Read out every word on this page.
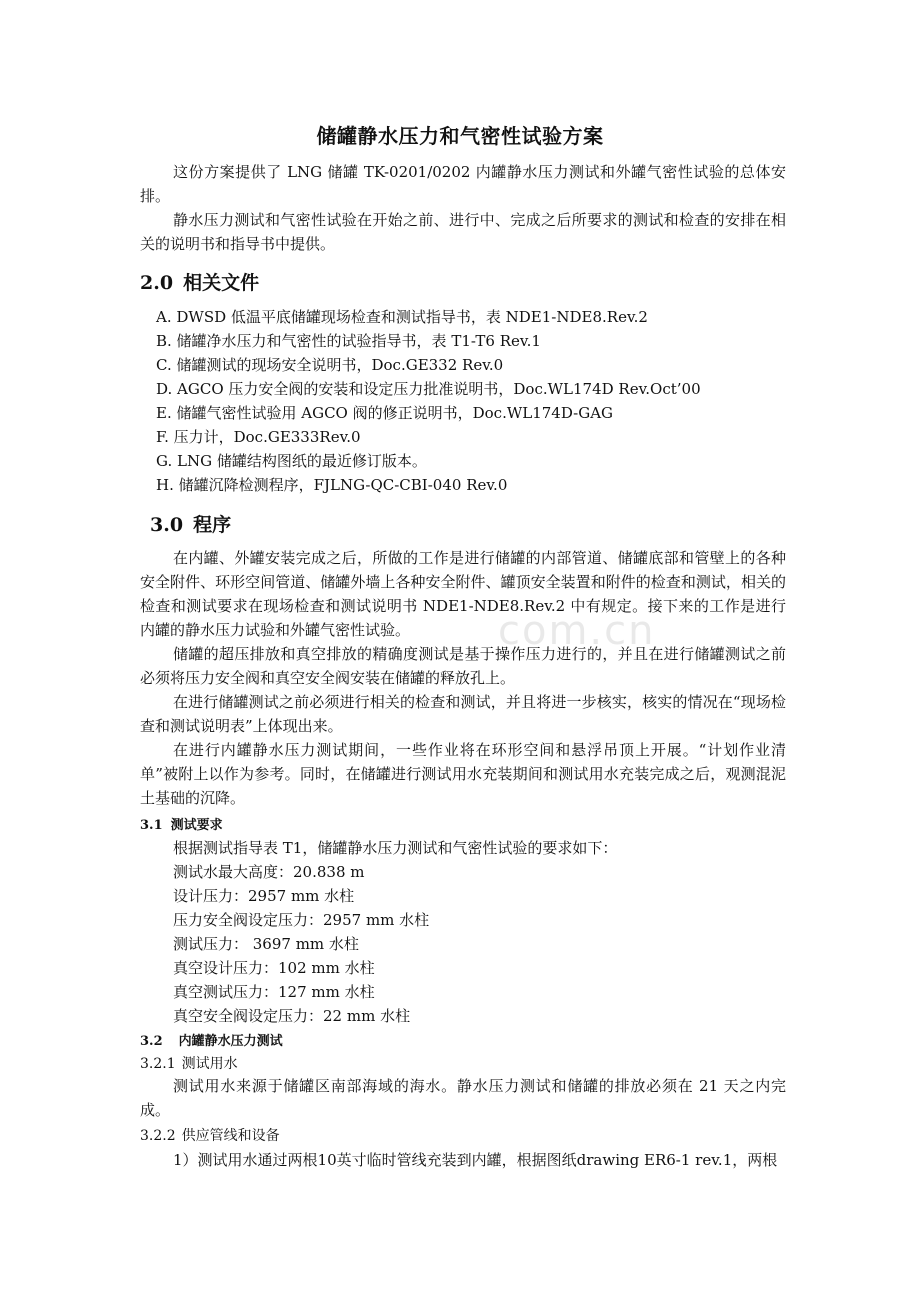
com.cn
储罐静水压力和气密性试验方案

这份方案提供了 LNG 储罐 TK-0201/0202 内罐静水压力测试和外罐气密性试验的总体安排。

静水压力测试和气密性试验在开始之前、进行中、完成之后所要求的测试和检查的安排在相关的说明书和指导书中提供。

2.0 相关文件
A. DWSD 低温平底储罐现场检查和测试指导书，表 NDE1-NDE8.Rev.2
B. 储罐净水压力和气密性的试验指导书，表 T1-T6 Rev.1
C. 储罐测试的现场安全说明书，Doc.GE332 Rev.0
D. AGCO 压力安全阀的安装和设定压力批准说明书，Doc.WL174D Rev.Oct’00
E. 储罐气密性试验用 AGCO 阀的修正说明书，Doc.WL174D-GAG
F. 压力计，Doc.GE333Rev.0
G. LNG 储罐结构图纸的最近修订版本。
H. 储罐沉降检测程序，FJLNG-QC-CBI-040 Rev.0
3.0 程序

在内罐、外罐安装完成之后，所做的工作是进行储罐的内部管道、储罐底部和管壁上的各种安全附件、环形空间管道、储罐外墙上各种安全附件、罐顶安全装置和附件的检查和测试，相关的检查和测试要求在现场检查和测试说明书 NDE1-NDE8.Rev.2 中有规定。接下来的工作是进行内罐的静水压力试验和外罐气密性试验。

储罐的超压排放和真空排放的精确度测试是基于操作压力进行的，并且在进行储罐测试之前必须将压力安全阀和真空安全阀安装在储罐的释放孔上。

在进行储罐测试之前必须进行相关的检查和测试，并且将进一步核实，核实的情况在“现场检查和测试说明表”上体现出来。

在进行内罐静水压力测试期间，一些作业将在环形空间和悬浮吊顶上开展。“计划作业清单”被附上以作为参考。同时，在储罐进行测试用水充装期间和测试用水充装完成之后，观测混泥土基础的沉降。

3.1 测试要求
根据测试指导表 T1，储罐静水压力测试和气密性试验的要求如下：
测试水最大高度：20.838 m
设计压力：2957 mm 水柱
压力安全阀设定压力：2957 mm 水柱
测试压力： 3697 mm 水柱
真空设计压力：102 mm 水柱
真空测试压力：127 mm 水柱
真空安全阀设定压力：22 mm 水柱
3.2 内罐静水压力测试
3.2.1 测试用水

测试用水来源于储罐区南部海域的海水。静水压力测试和储罐的排放必须在 21 天之内完成。

3.2.2 供应管线和设备

1）测试用水通过两根10英寸临时管线充装到内罐，根据图纸drawing ER6-1 rev.1，两根
